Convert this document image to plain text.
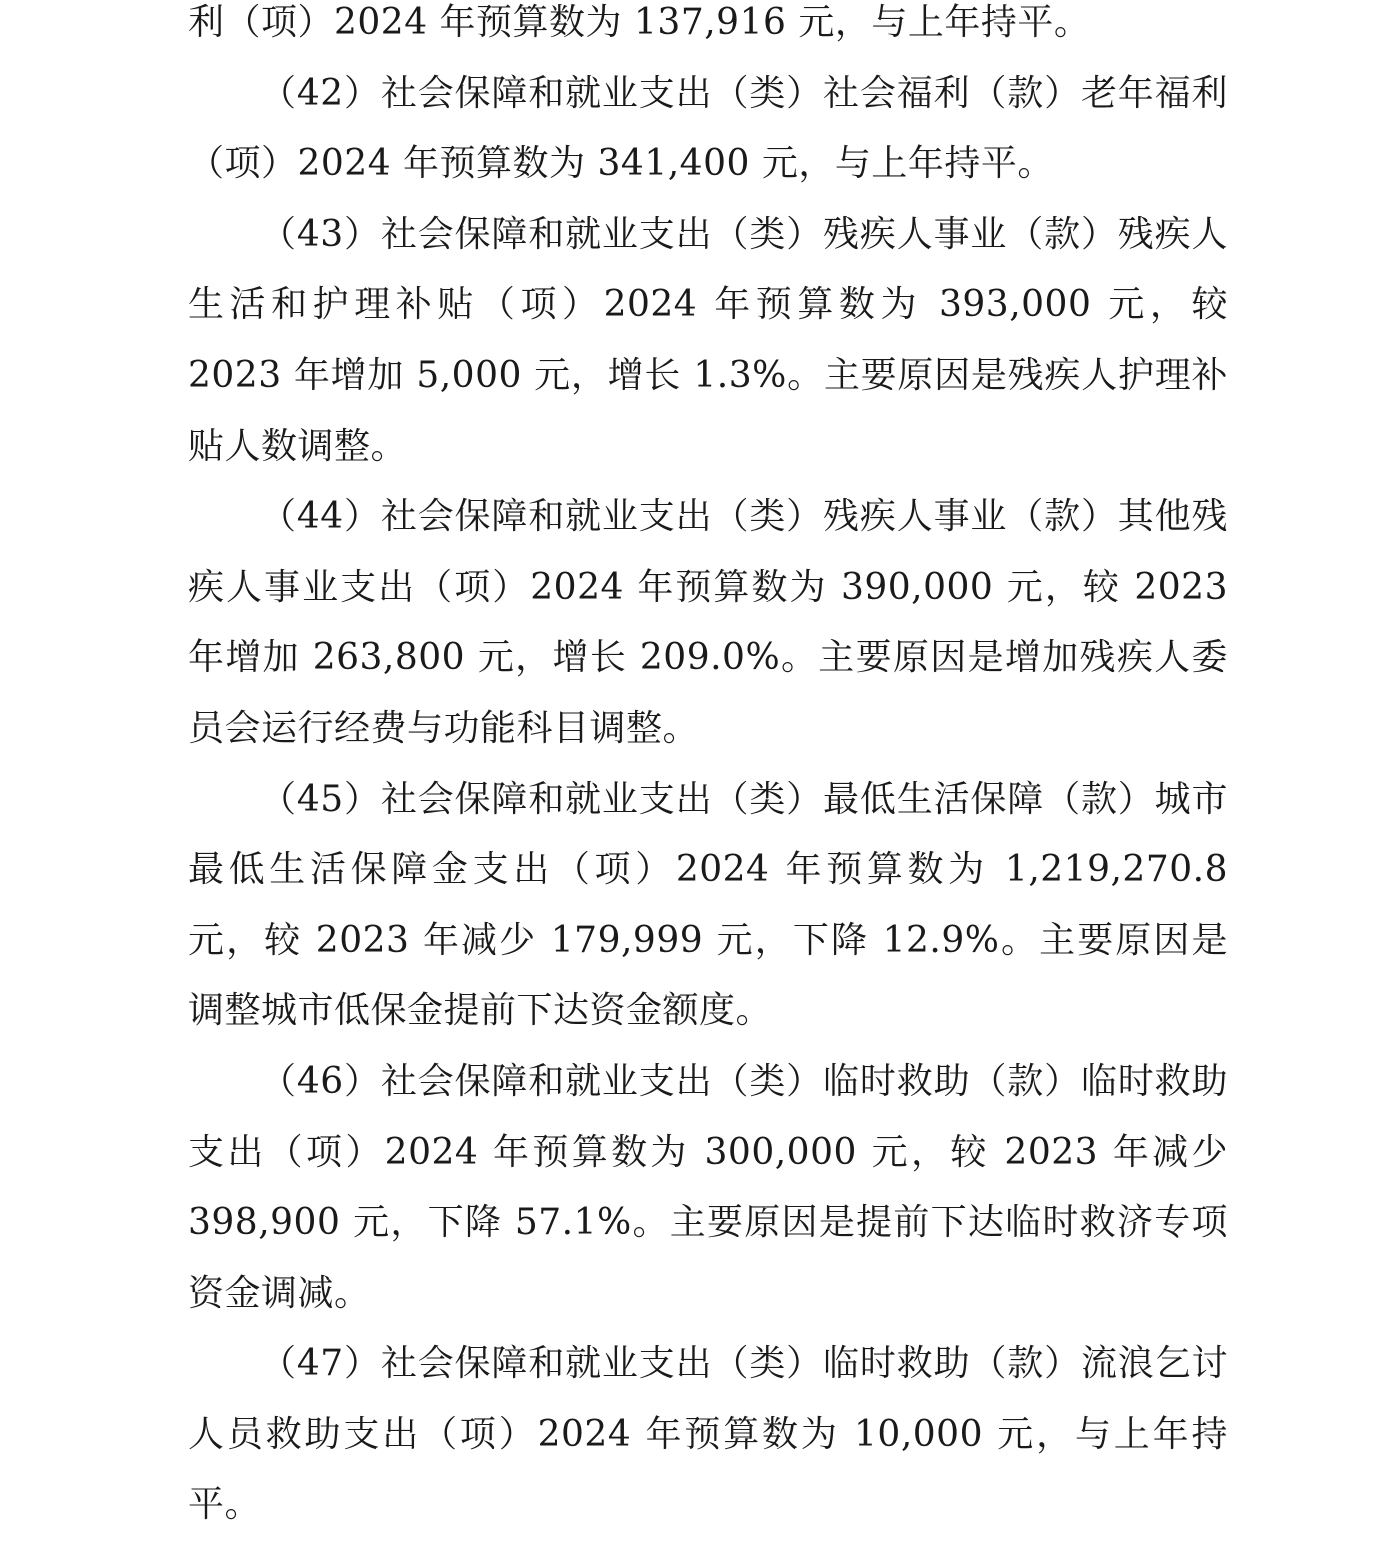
利（项）2024 年预算数为 137,916 元，与上年持平。

（42）社会保障和就业支出（类）社会福利（款）老年福利（项）2024 年预算数为 341,400 元，与上年持平。

（43）社会保障和就业支出（类）残疾人事业（款）残疾人生活和护理补贴（项）2024 年预算数为 393,000 元，较 2023 年增加 5,000 元，增长 1.3%。主要原因是残疾人护理补贴人数调整。

（44）社会保障和就业支出（类）残疾人事业（款）其他残疾人事业支出（项）2024 年预算数为 390,000 元，较 2023 年增加 263,800 元，增长 209.0%。主要原因是增加残疾人委员会运行经费与功能科目调整。

（45）社会保障和就业支出（类）最低生活保障（款）城市最低生活保障金支出（项）2024 年预算数为 1,219,270.8 元，较 2023 年减少 179,999 元，下降 12.9%。主要原因是调整城市低保金提前下达资金额度。

（46）社会保障和就业支出（类）临时救助（款）临时救助支出（项）2024 年预算数为 300,000 元，较 2023 年减少 398,900 元，下降 57.1%。主要原因是提前下达临时救济专项资金调减。

（47）社会保障和就业支出（类）临时救助（款）流浪乞讨人员救助支出（项）2024 年预算数为 10,000 元，与上年持平。
